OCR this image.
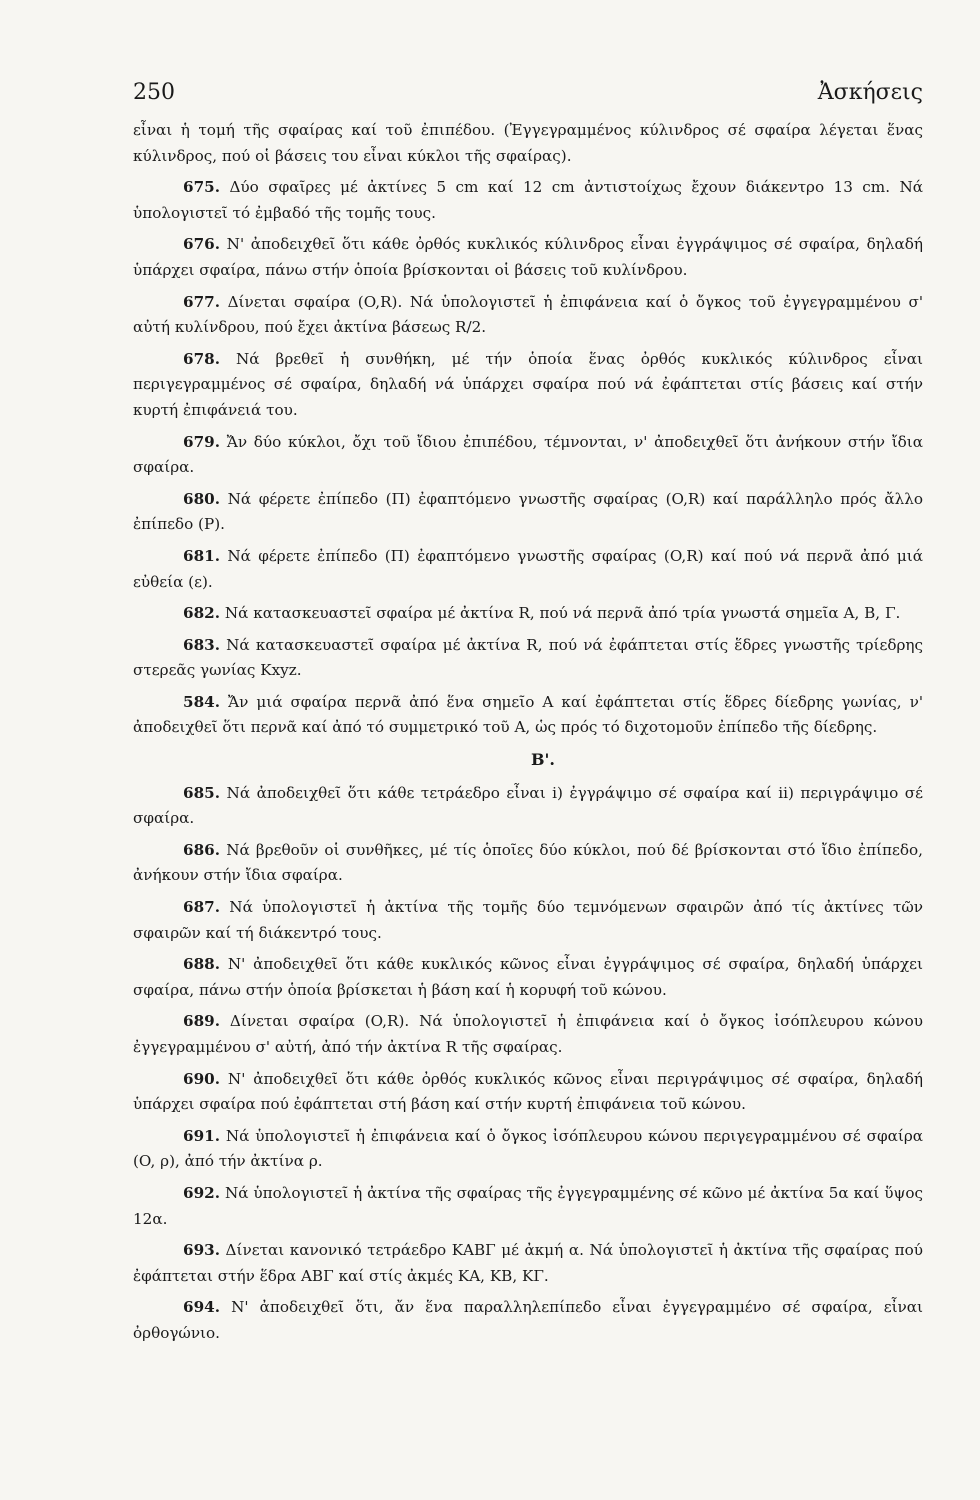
250	Ἀσκήσεις

εἶναι ἡ τομή τῆς σφαίρας καί τοῦ ἐπιπέδου. (Ἐγγεγραμμένος κύλινδρος σέ σφαίρα λέγεται ἕνας κύλινδρος, πού οἱ βάσεις του εἶναι κύκλοι τῆς σφαίρας).

675. Δύο σφαῖρες μέ ἀκτίνες 5 cm καί 12 cm ἀντιστοίχως ἔχουν διάκεντρο 13 cm. Νά ὑπολογιστεῖ τό ἐμβαδό τῆς τομῆς τους.

676. Ν' ἀποδειχθεῖ ὅτι κάθε ὀρθός κυκλικός κύλινδρος εἶναι ἐγγράψιμος σέ σφαίρα, δηλαδή ὑπάρχει σφαίρα, πάνω στήν ὁποία βρίσκονται οἱ βάσεις τοῦ κυλίνδρου.

677. Δίνεται σφαίρα (O,R). Νά ὑπολογιστεῖ ἡ ἐπιφάνεια καί ὁ ὄγκος τοῦ ἐγγεγραμμένου σ' αὐτή κυλίνδρου, πού ἔχει ἀκτίνα βάσεως R/2.

678. Νά βρεθεῖ ἡ συνθήκη, μέ τήν ὁποία ἕνας ὀρθός κυκλικός κύλινδρος εἶναι περιγεγραμμένος σέ σφαίρα, δηλαδή νά ὑπάρχει σφαίρα πού νά ἐφάπτεται στίς βάσεις καί στήν κυρτή ἐπιφάνειά του.

679. Ἄν δύο κύκλοι, ὄχι τοῦ ἴδιου ἐπιπέδου, τέμνονται, ν' ἀποδειχθεῖ ὅτι ἀνήκουν στήν ἴδια σφαίρα.

680. Νά φέρετε ἐπίπεδο (Π) ἐφαπτόμενο γνωστῆς σφαίρας (O,R) καί παράλληλο πρός ἄλλο ἐπίπεδο (P).

681. Νά φέρετε ἐπίπεδο (Π) ἐφαπτόμενο γνωστῆς σφαίρας (O,R) καί πού νά περνᾶ ἀπό μιά εὐθεία (ε).

682. Νά κατασκευαστεῖ σφαίρα μέ ἀκτίνα R, πού νά περνᾶ ἀπό τρία γνωστά σημεῖα A, B, Γ.

683. Νά κατασκευαστεῖ σφαίρα μέ ἀκτίνα R, πού νά ἐφάπτεται στίς ἕδρες γνωστῆς τρίεδρης στερεᾶς γωνίας Kxyz.

584. Ἄν μιά σφαίρα περνᾶ ἀπό ἕνα σημεῖο A καί ἐφάπτεται στίς ἕδρες δίεδρης γωνίας, ν' ἀποδειχθεῖ ὅτι περνᾶ καί ἀπό τό συμμετρικό τοῦ A, ὡς πρός τό διχοτομοῦν ἐπίπεδο τῆς δίεδρης.

B'.

685. Νά ἀποδειχθεῖ ὅτι κάθε τετράεδρο εἶναι i) ἐγγράψιμο σέ σφαίρα καί ii) περιγράψιμο σέ σφαίρα.

686. Νά βρεθοῦν οἱ συνθῆκες, μέ τίς ὁποῖες δύο κύκλοι, πού δέ βρίσκονται στό ἴδιο ἐπίπεδο, ἀνήκουν στήν ἴδια σφαίρα.

687. Νά ὑπολογιστεῖ ἡ ἀκτίνα τῆς τομῆς δύο τεμνόμενων σφαιρῶν ἀπό τίς ἀκτίνες τῶν σφαιρῶν καί τή διάκεντρό τους.

688. Ν' ἀποδειχθεῖ ὅτι κάθε κυκλικός κῶνος εἶναι ἐγγράψιμος σέ σφαίρα, δηλαδή ὑπάρχει σφαίρα, πάνω στήν ὁποία βρίσκεται ἡ βάση καί ἡ κορυφή τοῦ κώνου.

689. Δίνεται σφαίρα (O,R). Νά ὑπολογιστεῖ ἡ ἐπιφάνεια καί ὁ ὄγκος ἰσόπλευρου κώνου ἐγγεγραμμένου σ' αὐτή, ἀπό τήν ἀκτίνα R τῆς σφαίρας.

690. Ν' ἀποδειχθεῖ ὅτι κάθε ὀρθός κυκλικός κῶνος εἶναι περιγράψιμος σέ σφαίρα, δηλαδή ὑπάρχει σφαίρα πού ἐφάπτεται στή βάση καί στήν κυρτή ἐπιφάνεια τοῦ κώνου.

691. Νά ὑπολογιστεῖ ἡ ἐπιφάνεια καί ὁ ὄγκος ἰσόπλευρου κώνου περιγεγραμμένου σέ σφαίρα (O, ρ), ἀπό τήν ἀκτίνα ρ.

692. Νά ὑπολογιστεῖ ἡ ἀκτίνα τῆς σφαίρας τῆς ἐγγεγραμμένης σέ κῶνο μέ ἀκτίνα 5α καί ὕψος 12α.

693. Δίνεται κανονικό τετράεδρο ΚΑΒΓ μέ ἀκμή α. Νά ὑπολογιστεῖ ἡ ἀκτίνα τῆς σφαίρας πού ἐφάπτεται στήν ἕδρα ΑΒΓ καί στίς ἀκμές ΚΑ, ΚΒ, ΚΓ.

694. Ν' ἀποδειχθεῖ ὅτι, ἄν ἕνα παραλληλεπίπεδο εἶναι ἐγγεγραμμένο σέ σφαίρα, εἶναι ὀρθογώνιο.
